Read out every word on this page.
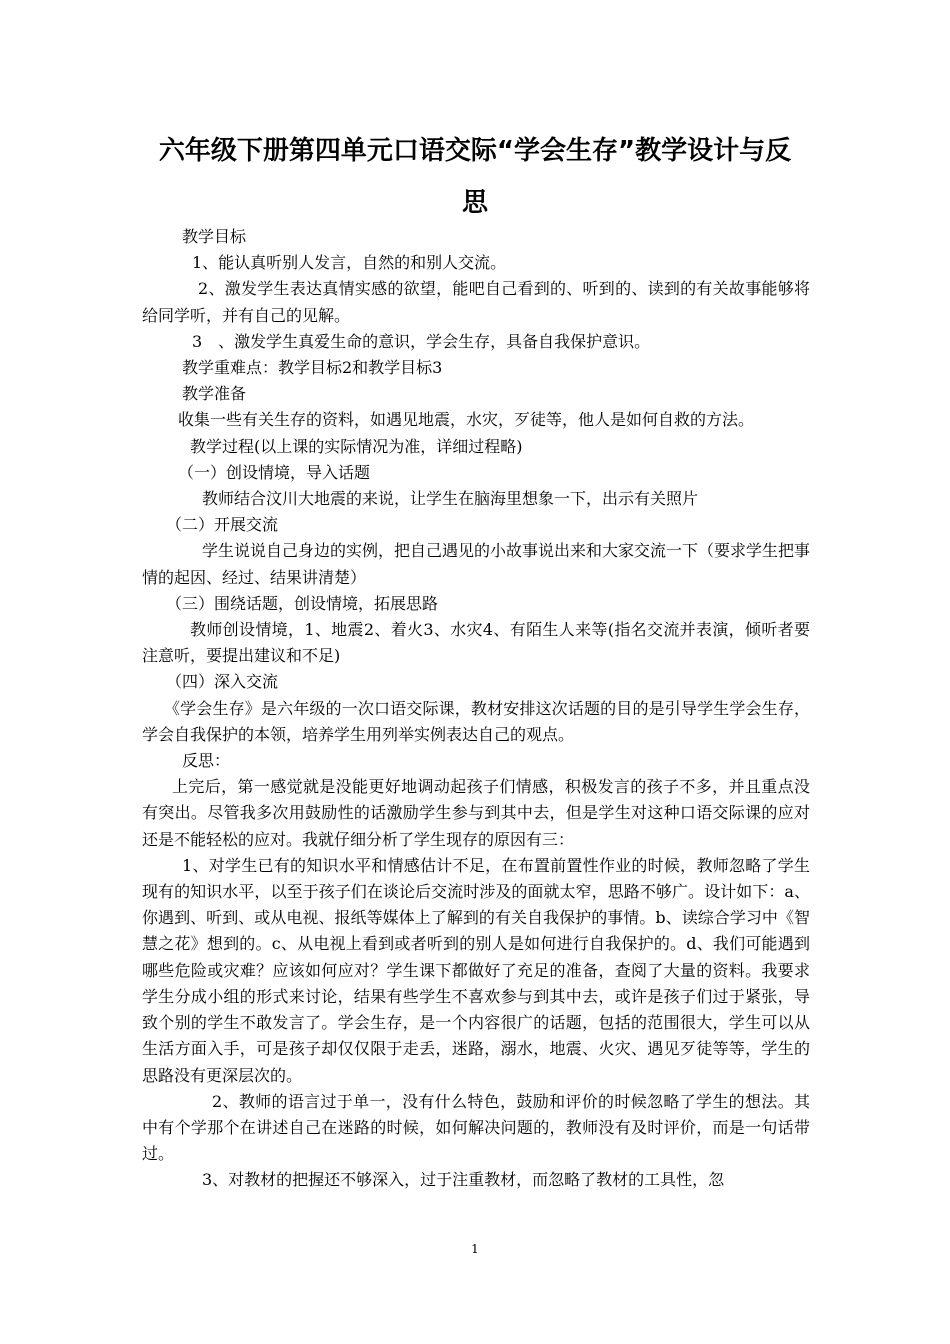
六年级下册第四单元口语交际“学会生存”教学设计与反
思

教学目标

1、能认真听别人发言，自然的和别人交流。

2、激发学生表达真情实感的欲望，能吧自己看到的、听到的、读到的有关故事能够将给同学听，并有自己的见解。

3　、激发学生真爱生命的意识，学会生存，具备自我保护意识。

教学重难点：教学目标2和教学目标3

教学准备

收集一些有关生存的资料，如遇见地震，水灾，歹徒等，他人是如何自救的方法。

教学过程(以上课的实际情况为准，详细过程略)

（一）创设情境，导入话题

教师结合汶川大地震的来说，让学生在脑海里想象一下，出示有关照片

（二）开展交流

学生说说自己身边的实例，把自己遇见的小故事说出来和大家交流一下（要求学生把事情的起因、经过、结果讲清楚）

（三）围绕话题，创设情境，拓展思路

教师创设情境，1、地震2、着火3、水灾4、有陌生人来等(指名交流并表演，倾听者要注意听，要提出建议和不足)

（四）深入交流

《学会生存》是六年级的一次口语交际课，教材安排这次话题的目的是引导学生学会生存，学会自我保护的本领，培养学生用列举实例表达自己的观点。

反思：

上完后，第一感觉就是没能更好地调动起孩子们情感，积极发言的孩子不多，并且重点没有突出。尽管我多次用鼓励性的话激励学生参与到其中去，但是学生对这种口语交际课的应对还是不能轻松的应对。我就仔细分析了学生现存的原因有三：

1、对学生已有的知识水平和情感估计不足，在布置前置性作业的时候，教师忽略了学生现有的知识水平，以至于孩子们在谈论后交流时涉及的面就太窄，思路不够广。设计如下：a、你遇到、听到、或从电视、报纸等媒体上了解到的有关自我保护的事情。b、读综合学习中《智慧之花》想到的。c、从电视上看到或者听到的别人是如何进行自我保护的。d、我们可能遇到哪些危险或灾难？应该如何应对？学生课下都做好了充足的准备，查阅了大量的资料。我要求学生分成小组的形式来讨论，结果有些学生不喜欢参与到其中去，或许是孩子们过于紧张，导致个别的学生不敢发言了。学会生存，是一个内容很广的话题，包括的范围很大，学生可以从生活方面入手，可是孩子却仅仅限于走丢，迷路，溺水，地震、火灾、遇见歹徒等等，学生的思路没有更深层次的。

2、教师的语言过于单一，没有什么特色，鼓励和评价的时候忽略了学生的想法。其中有个学那个在讲述自己在迷路的时候，如何解决问题的，教师没有及时评价，而是一句话带过。

3、对教材的把握还不够深入，过于注重教材，而忽略了教材的工具性，忽

1
